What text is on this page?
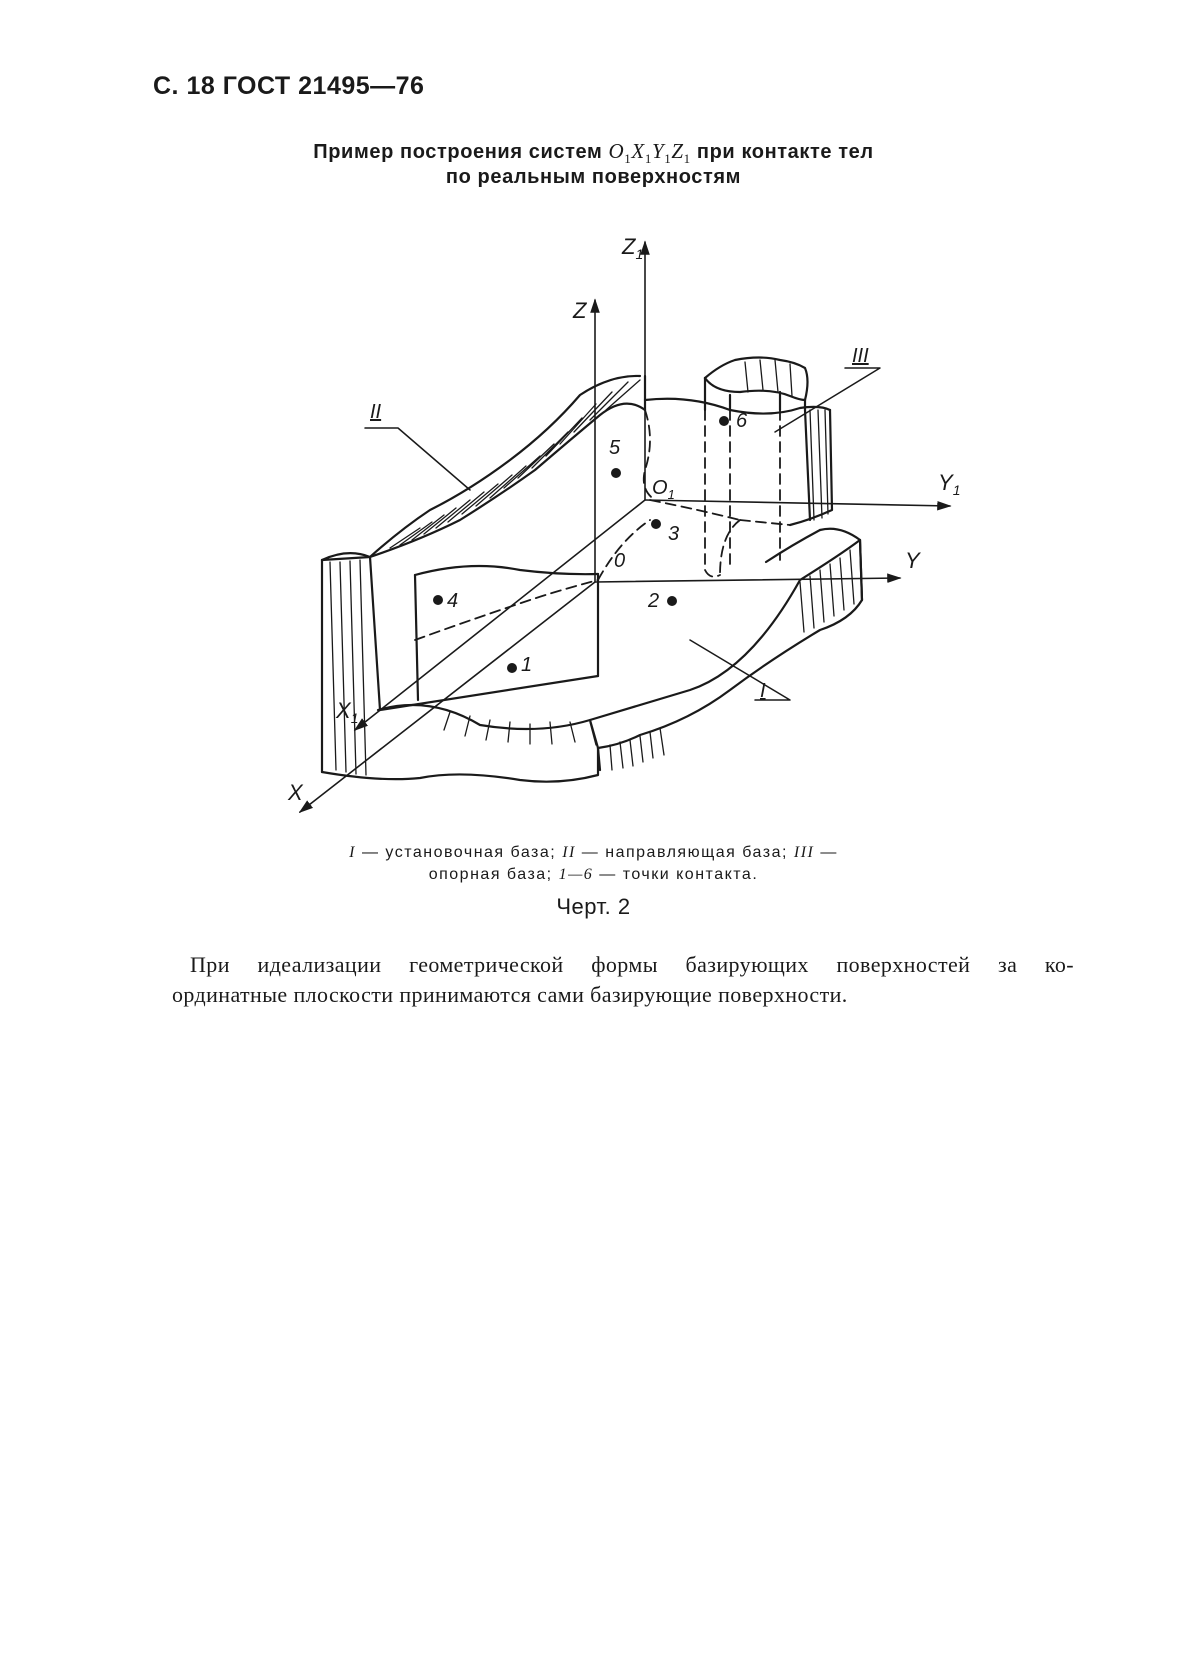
С. 18 ГОСТ 21495—76
Пример построения систем $O_1X_1Y_1Z_1$ при контакте тел
по реальным поверхностям
$Z_1$
Z
$Y_1$
Y
$X_1$
X
$O_1$
0
II
III
I
1
2
3
4
5
6
I — установочная база; II — направляющая база; III —
опорная база; 1—6 — точки контакта.
Черт. 2
При идеализации геометрической формы базирующих поверхностей за ко-
ординатные плоскости принимаются сами базирующие поверхности.
